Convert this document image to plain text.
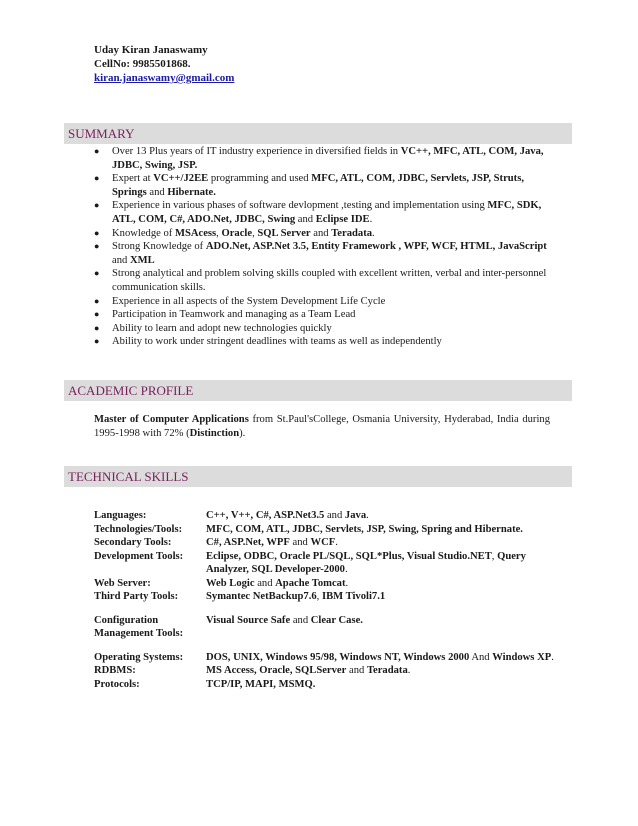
Uday Kiran Janaswamy
CellNo: 9985501868.
kiran.janaswamy@gmail.com
SUMMARY
● Over 13 Plus years of IT industry experience in diversified fields in VC++, MFC, ATL, COM, Java, JDBC, Swing, JSP.
● Expert at VC++/J2EE programming and used MFC, ATL, COM, JDBC, Servlets, JSP, Struts, Springs and Hibernate.
● Experience in various phases of software devlopment ,testing and implementation using MFC, SDK, ATL, COM, C#, ADO.Net, JDBC, Swing and Eclipse IDE.
● Knowledge of MSAcess, Oracle, SQL Server and Teradata.
● Strong Knowledge of ADO.Net, ASP.Net 3.5, Entity Framework , WPF, WCF, HTML, JavaScript and XML
● Strong analytical and problem solving skills coupled with excellent written, verbal and inter-personnel communication skills.
● Experience in all aspects of the System Development Life Cycle
● Participation in Teamwork and managing as a Team Lead
● Ability to learn and adopt new technologies quickly
● Ability to work under stringent deadlines with teams as well as independently
ACADEMIC PROFILE
Master of Computer Applications from St.Paul'sCollege, Osmania University, Hyderabad, India during 1995-1998 with 72% (Distinction).
TECHNICAL SKILLS
Languages:	C++, V++, C#, ASP.Net3.5 and Java.
Technologies/Tools:	MFC, COM, ATL, JDBC, Servlets, JSP, Swing, Spring and Hibernate.
Secondary Tools:	C#, ASP.Net, WPF and WCF.
Development Tools:	Eclipse, ODBC, Oracle PL/SQL, SQL*Plus, Visual Studio.NET, Query Analyzer, SQL Developer-2000.
Web Server:	Web Logic and Apache Tomcat.
Third Party Tools:	Symantec NetBackup7.6, IBM Tivoli7.1

Configuration Management Tools:	Visual Source Safe and Clear Case.

Operating Systems:	DOS, UNIX, Windows 95/98, Windows NT, Windows 2000 And Windows XP.
RDBMS:	MS Access, Oracle, SQLServer and Teradata.
Protocols:	TCP/IP, MAPI, MSMQ.
